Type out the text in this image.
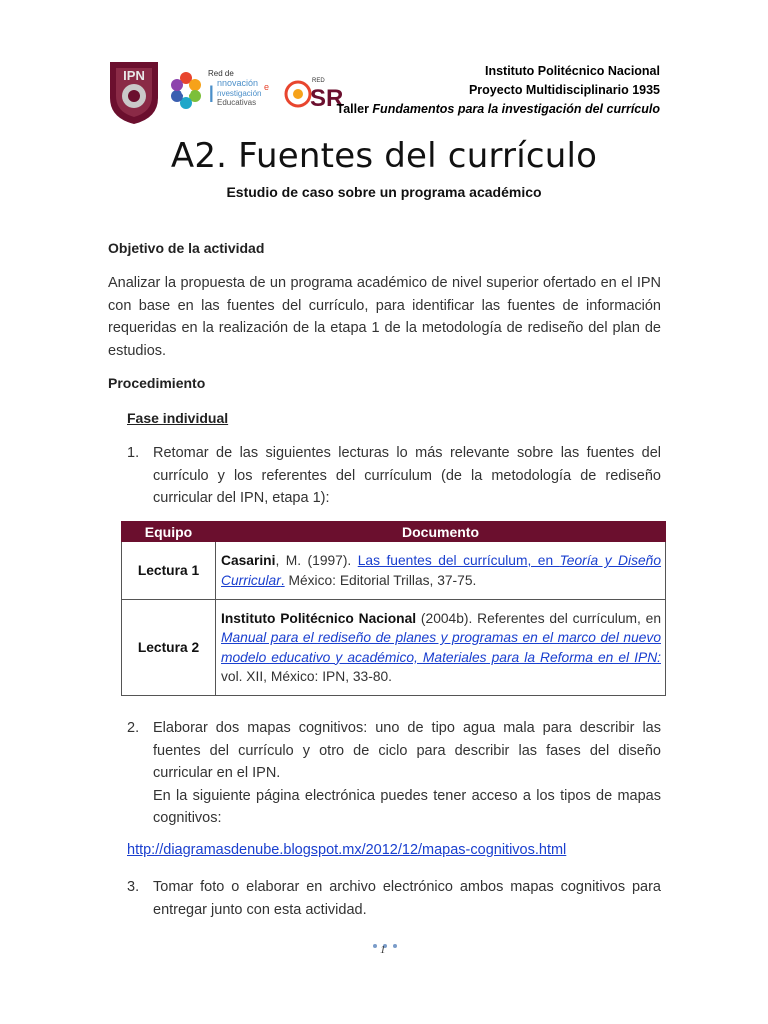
IPN	Red de
I nnovación e
nvestigación
Educativas
RED
SR
Instituto Politécnico Nacional
Proyecto Multidisciplinario 1935
Taller Fundamentos para la investigación del currículo
A2. Fuentes del currículo
Estudio de caso sobre un programa académico
Objetivo de la actividad
Analizar la propuesta de un programa académico de nivel superior ofertado en el IPN con base en las fuentes del currículo, para identificar las fuentes de información requeridas en la realización de la etapa 1 de la metodología de rediseño del plan de estudios.
Procedimiento
Fase individual
1. Retomar de las siguientes lecturas lo más relevante sobre las fuentes del currículo y los referentes del currículum (de la metodología de rediseño curricular del IPN, etapa 1):
Equipo	Documento
Lectura 1	Casarini, M. (1997). Las fuentes del currículum, en Teoría y Diseño Curricular. México: Editorial Trillas, 37-75.
Lectura 2	Instituto Politécnico Nacional (2004b). Referentes del currículum, en Manual para el rediseño de planes y programas en el marco del nuevo modelo educativo y académico, Materiales para la Reforma en el IPN: vol. XII, México: IPN, 33-80.
2. Elaborar dos mapas cognitivos: uno de tipo agua mala para describir las fuentes del currículo y otro de ciclo para describir las fases del diseño curricular en el IPN.
En la siguiente página electrónica puedes tener acceso a los tipos de mapas cognitivos:
http://diagramasdenube.blogspot.mx/2012/12/mapas-cognitivos.html
3. Tomar foto o elaborar en archivo electrónico ambos mapas cognitivos para entregar junto con esta actividad.
1
